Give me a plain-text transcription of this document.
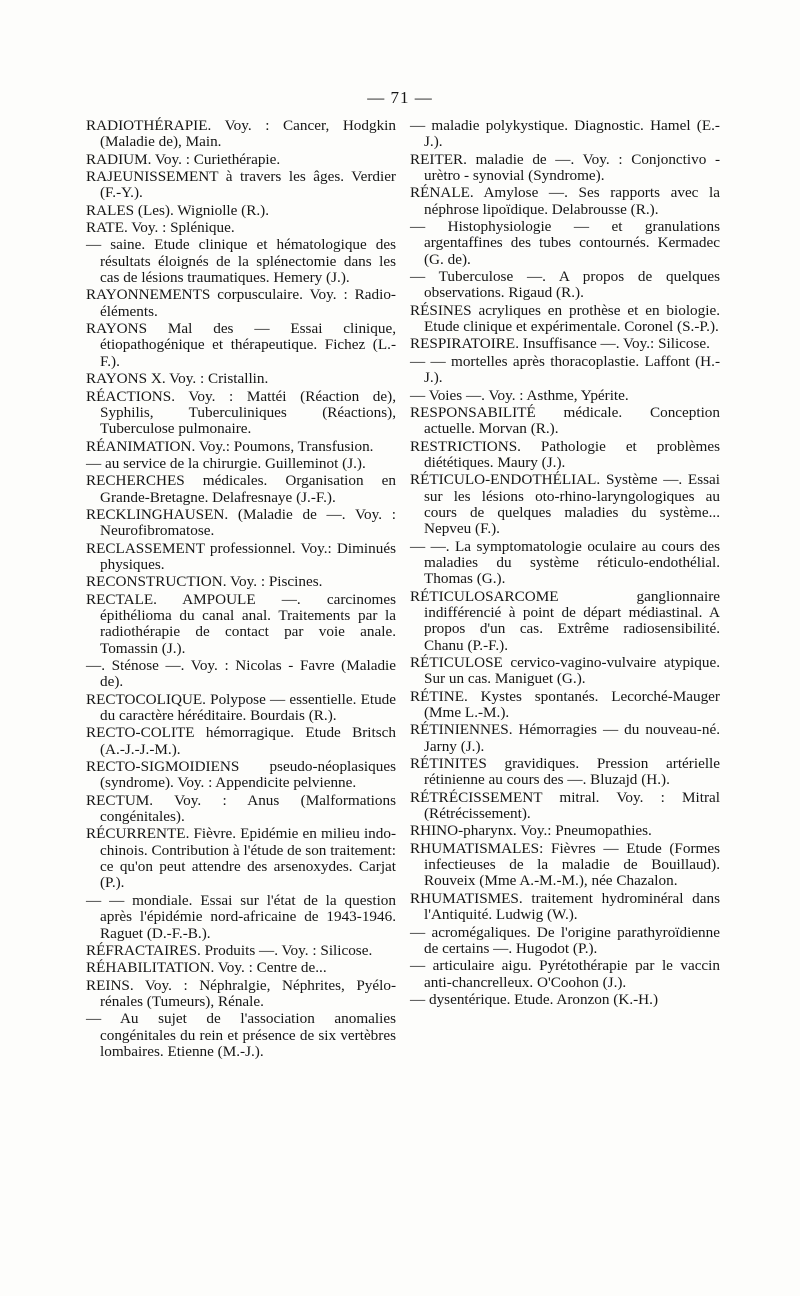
— 71 —

RADIOTHÉRAPIE. Voy. : Cancer, Hodgkin (Maladie de), Main.

RADIUM. Voy. : Curiethérapie.

RAJEUNISSEMENT à travers les âges. Verdier (F.-Y.).

RALES (Les). Wigniolle (R.).

RATE. Voy. : Splénique.

— saine. Etude clinique et hématologique des résultats éloignés de la splénectomie dans les cas de lésions traumatiques. Hemery (J.).

RAYONNEMENTS corpusculaire. Voy. : Radio-éléments.

RAYONS Mal des — Essai clinique, étiopathogénique et thérapeutique. Fichez (L.-F.).

RAYONS X. Voy. : Cristallin.

RÉACTIONS. Voy. : Mattéi (Réaction de), Syphilis, Tuberculiniques (Réactions), Tuberculose pulmonaire.

RÉANIMATION. Voy.: Poumons, Transfusion.

— au service de la chirurgie. Guilleminot (J.).

RECHERCHES médicales. Organisation en Grande-Bretagne. Delafresnaye (J.-F.).

RECKLINGHAUSEN. (Maladie de —. Voy. : Neurofibromatose.

RECLASSEMENT professionnel. Voy.: Diminués physiques.

RECONSTRUCTION. Voy. : Piscines.

RECTALE. AMPOULE —. carcinomes épithélioma du canal anal. Traitements par la radiothérapie de contact par voie anale. Tomassin (J.).

—. Sténose —. Voy. : Nicolas - Favre (Maladie de).

RECTOCOLIQUE. Polypose — essentielle. Etude du caractère héréditaire. Bourdais (R.).

RECTO-COLITE hémorragique. Etude Britsch (A.-J.-J.-M.).

RECTO-SIGMOIDIENS pseudo-néoplasiques (syndrome). Voy. : Appendicite pelvienne.

RECTUM. Voy. : Anus (Malformations congénitales).

RÉCURRENTE. Fièvre. Epidémie en milieu indo-chinois. Contribution à l'étude de son traitement: ce qu'on peut attendre des arsenoxydes. Carjat (P.).

— — mondiale. Essai sur l'état de la question après l'épidémie nord-africaine de 1943-1946. Raguet (D.-F.-B.).

RÉFRACTAIRES. Produits —. Voy. : Silicose.

RÉHABILITATION. Voy. : Centre de...

REINS. Voy. : Néphralgie, Néphrites, Pyélo-rénales (Tumeurs), Rénale.

— Au sujet de l'association anomalies congénitales du rein et présence de six vertèbres lombaires. Etienne (M.-J.).

— maladie polykystique. Diagnostic. Hamel (E.-J.).

REITER. maladie de —. Voy. : Conjonctivo - urètro - synovial (Syndrome).

RÉNALE. Amylose —. Ses rapports avec la néphrose lipoïdique. Delabrousse (R.).

— Histophysiologie — et granulations argentaffines des tubes contournés. Kermadec (G. de).

— Tuberculose —. A propos de quelques observations. Rigaud (R.).

RÉSINES acryliques en prothèse et en biologie. Etude clinique et expérimentale. Coronel (S.-P.).

RESPIRATOIRE. Insuffisance —. Voy.: Silicose.

— — mortelles après thoracoplastie. Laffont (H.-J.).

— Voies —. Voy. : Asthme, Ypérite.

RESPONSABILITÉ médicale. Conception actuelle. Morvan (R.).

RESTRICTIONS. Pathologie et problèmes diététiques. Maury (J.).

RÉTICULO-ENDOTHÉLIAL. Système —. Essai sur les lésions oto-rhino-laryngologiques au cours de quelques maladies du système... Nepveu (F.).

— —. La symptomatologie oculaire au cours des maladies du système réticulo-endothélial. Thomas (G.).

RÉTICULOSARCOME ganglionnaire indifférencié à point de départ médiastinal. A propos d'un cas. Extrême radiosensibilité. Chanu (P.-F.).

RÉTICULOSE cervico-vagino-vulvaire atypique. Sur un cas. Maniguet (G.).

RÉTINE. Kystes spontanés. Lecorché-Mauger (Mme L.-M.).

RÉTINIENNES. Hémorragies — du nouveau-né. Jarny (J.).

RÉTINITES gravidiques. Pression artérielle rétinienne au cours des —. Bluzajd (H.).

RÉTRÉCISSEMENT mitral. Voy. : Mitral (Rétrécissement).

RHINO-pharynx. Voy.: Pneumopathies.

RHUMATISMALES: Fièvres — Etude (Formes infectieuses de la maladie de Bouillaud). Rouveix (Mme A.-M.-M.), née Chazalon.

RHUMATISMES. traitement hydrominéral dans l'Antiquité. Ludwig (W.).

— acromégaliques. De l'origine parathyroïdienne de certains —. Hugodot (P.).

— articulaire aigu. Pyrétothérapie par le vaccin anti-chancrelleux. O'Coohon (J.).

— dysentérique. Etude. Aronzon (K.-H.)
